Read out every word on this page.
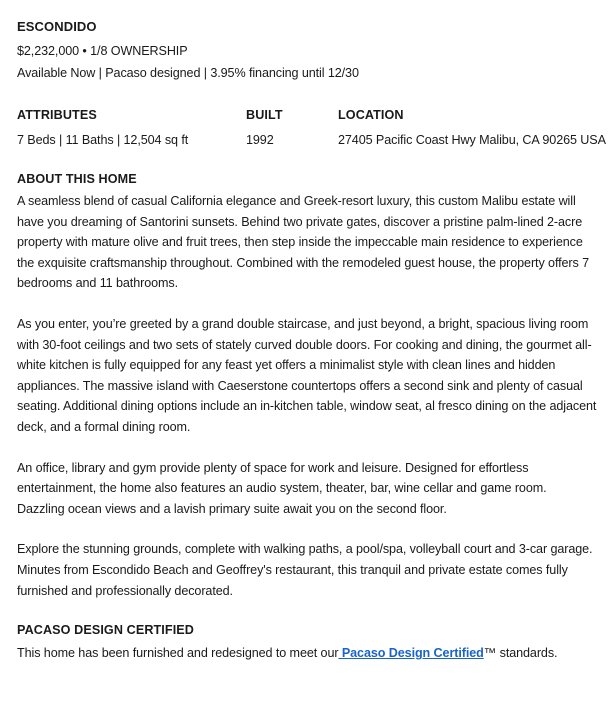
ESCONDIDO
$2,232,000 • 1/8 OWNERSHIP
Available Now | Pacaso designed | 3.95% financing until 12/30
ATTRIBUTES	BUILT	LOCATION
7 Beds | 11 Baths | 12,504 sq ft	1992	27405 Pacific Coast Hwy Malibu, CA 90265 USA
ABOUT THIS HOME

A seamless blend of casual California elegance and Greek-resort luxury, this custom Malibu estate will have you dreaming of Santorini sunsets. Behind two private gates, discover a pristine palm-lined 2-acre property with mature olive and fruit trees, then step inside the impeccable main residence to experience the exquisite craftsmanship throughout. Combined with the remodeled guest house, the property offers 7 bedrooms and 11 bathrooms.

As you enter, you’re greeted by a grand double staircase, and just beyond, a bright, spacious living room with 30-foot ceilings and two sets of stately curved double doors. For cooking and dining, the gourmet all-white kitchen is fully equipped for any feast yet offers a minimalist style with clean lines and hidden appliances. The massive island with Caeserstone countertops offers a second sink and plenty of casual seating. Additional dining options include an in-kitchen table, window seat, al fresco dining on the adjacent deck, and a formal dining room.

An office, library and gym provide plenty of space for work and leisure. Designed for effortless entertainment, the home also features an audio system, theater, bar, wine cellar and game room. Dazzling ocean views and a lavish primary suite await you on the second floor.

Explore the stunning grounds, complete with walking paths, a pool/spa, volleyball court and 3-car garage. Minutes from Escondido Beach and Geoffrey's restaurant, this tranquil and private estate comes fully furnished and professionally decorated.

PACASO DESIGN CERTIFIED
This home has been furnished and redesigned to meet our Pacaso Design Certified™ standards.
